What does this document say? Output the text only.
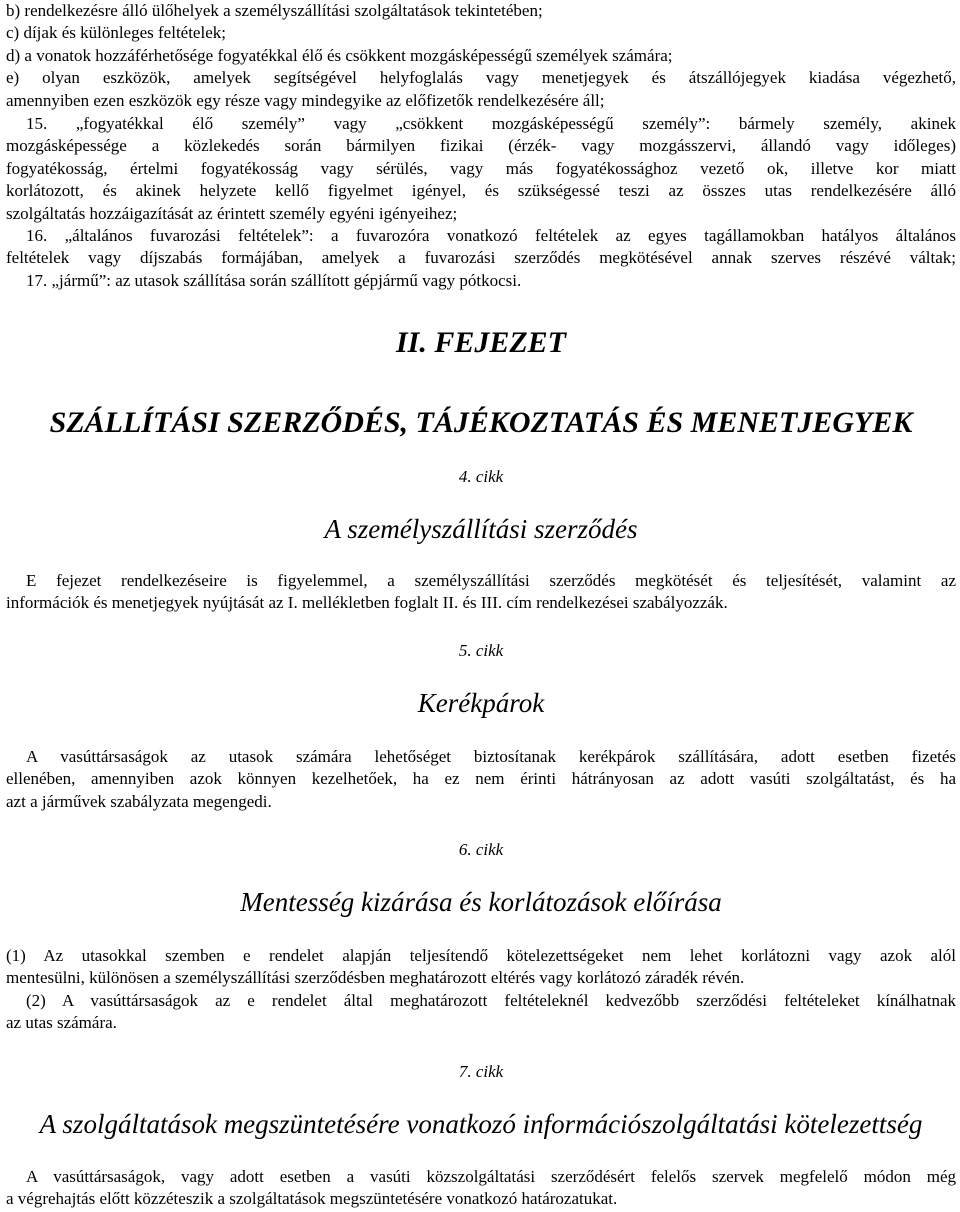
b) rendelkezésre álló ülőhelyek a személyszállítási szolgáltatások tekintetében;
c) díjak és különleges feltételek;
d) a vonatok hozzáférhetősége fogyatékkal élő és csökkent mozgásképességű személyek számára;
e) olyan eszközök, amelyek segítségével helyfoglalás vagy menetjegyek és átszállójegyek kiadása végezhető,
amennyiben ezen eszközök egy része vagy mindegyike az előfizetők rendelkezésére áll;
15. „fogyatékkal élő személy” vagy „csökkent mozgásképességű személy”: bármely személy, akinek
mozgásképessége a közlekedés során bármilyen fizikai (érzék- vagy mozgásszervi, állandó vagy időleges)
fogyatékosság, értelmi fogyatékosság vagy sérülés, vagy más fogyatékossághoz vezető ok, illetve kor miatt
korlátozott, és akinek helyzete kellő figyelmet igényel, és szükségessé teszi az összes utas rendelkezésére álló
szolgáltatás hozzáigazítását az érintett személy egyéni igényeihez;
16. „általános fuvarozási feltételek”: a fuvarozóra vonatkozó feltételek az egyes tagállamokban hatályos általános
feltételek vagy díjszabás formájában, amelyek a fuvarozási szerződés megkötésével annak szerves részévé váltak;
17. „jármű”: az utasok szállítása során szállított gépjármű vagy pótkocsi.

II. FEJEZET

SZÁLLÍTÁSI SZERZŐDÉS, TÁJÉKOZTATÁS ÉS MENETJEGYEK

4. cikk

A személyszállítási szerződés

E fejezet rendelkezéseire is figyelemmel, a személyszállítási szerződés megkötését és teljesítését, valamint az
információk és menetjegyek nyújtását az I. mellékletben foglalt II. és III. cím rendelkezései szabályozzák.

5. cikk

Kerékpárok

A vasúttársaságok az utasok számára lehetőséget biztosítanak kerékpárok szállítására, adott esetben fizetés
ellenében, amennyiben azok könnyen kezelhetőek, ha ez nem érinti hátrányosan az adott vasúti szolgáltatást, és ha
azt a járművek szabályzata megengedi.

6. cikk

Mentesség kizárása és korlátozások előírása

(1) Az utasokkal szemben e rendelet alapján teljesítendő kötelezettségeket nem lehet korlátozni vagy azok alól
mentesülni, különösen a személyszállítási szerződésben meghatározott eltérés vagy korlátozó záradék révén.
(2) A vasúttársaságok az e rendelet által meghatározott feltételeknél kedvezőbb szerződési feltételeket kínálhatnak
az utas számára.

7. cikk

A szolgáltatások megszüntetésére vonatkozó információszolgáltatási kötelezettség

A vasúttársaságok, vagy adott esetben a vasúti közszolgáltatási szerződésért felelős szervek megfelelő módon még
a végrehajtás előtt közzéteszik a szolgáltatások megszüntetésére vonatkozó határozatukat.
